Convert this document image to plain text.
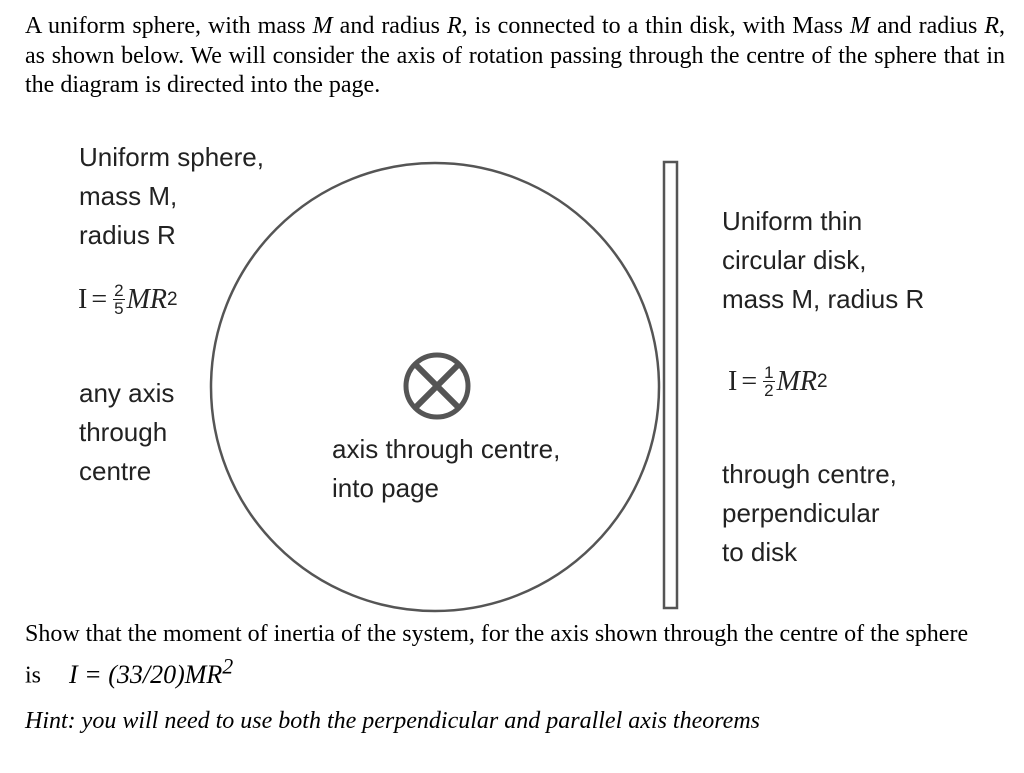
A uniform sphere, with mass M and radius R, is connected to a thin disk, with Mass M and radius R, as shown below. We will consider the axis of rotation passing through the centre of the sphere that in the diagram is directed into the page.
Uniform sphere,
mass M,
radius R
$I = \frac{2}{5}$ MR 2
any axis
through
centre
axis through centre,
into page
Uniform thin
circular disk,
mass M, radius R
$I = \frac{1}{2}$ MR 2
through centre,
perpendicular
to disk
Show that the moment of inertia of the system, for the axis shown through the centre of the sphere is $I = (33/20)MR^2$
Hint: you will need to use both the perpendicular and parallel axis theorems
